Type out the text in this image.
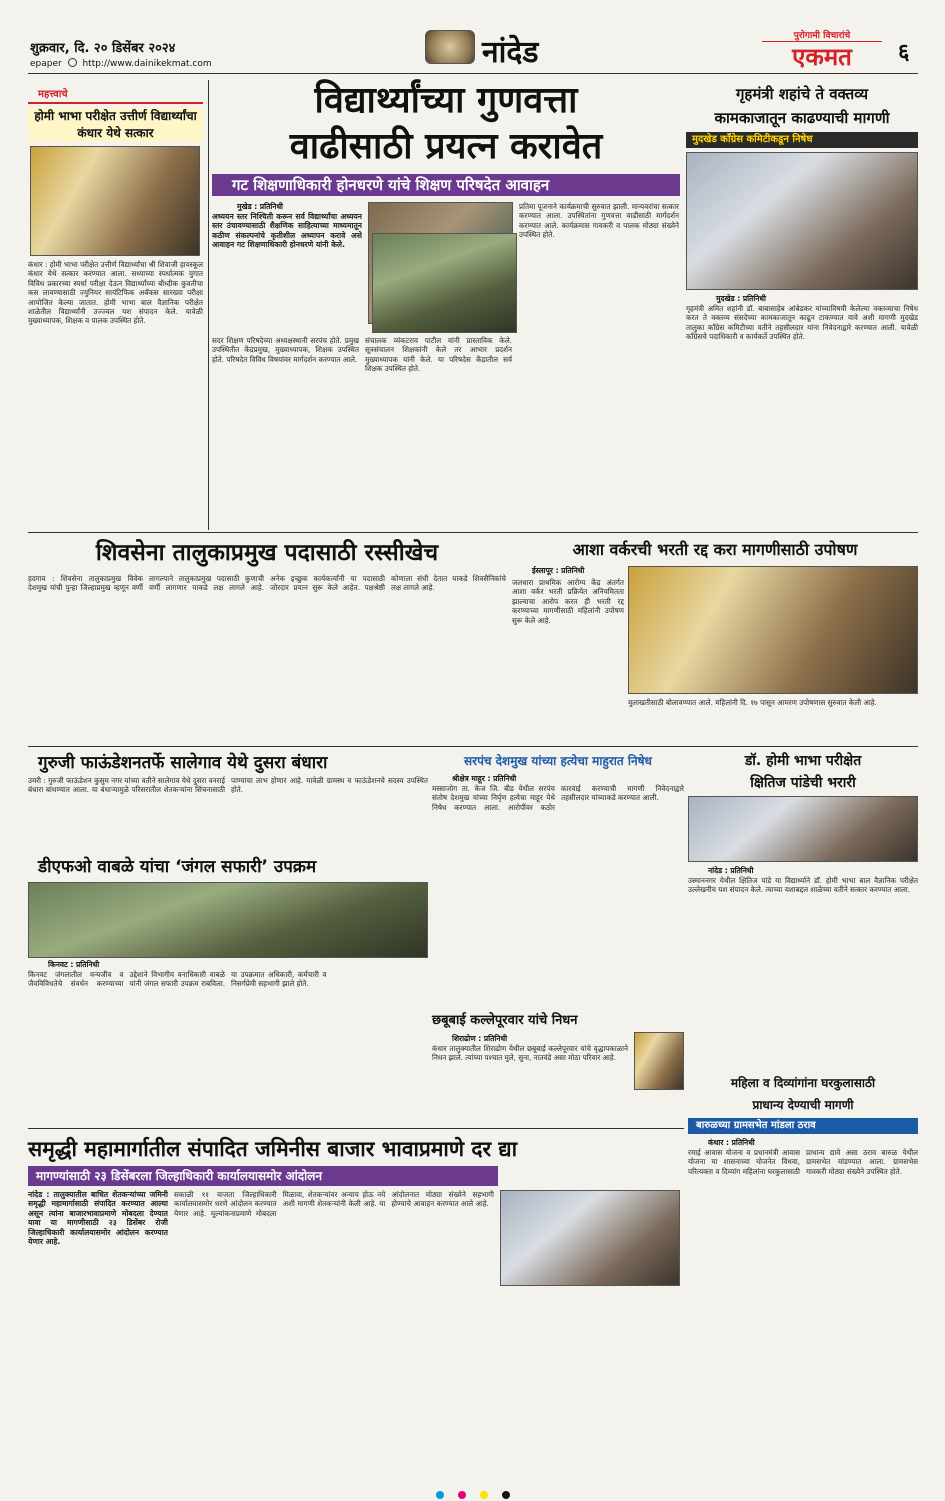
शुक्रवार, दि. २० डिसेंबर २०२४
epaper http://www.dainikekmat.com	नांदेड	पुरोगामी विचारांचे
एकमत	६
महत्त्वाचे
होमी भाभा परीक्षेत उत्तीर्ण विद्यार्थ्यांचा कंधार येथे सत्कार
कंधार : होमी भाभा परीक्षेत उत्तीर्ण विद्यार्थ्यांचा श्री शिवाजी हायस्कूल कंधार येथे सत्कार करण्यात आला. सध्याच्या स्पर्धात्मक युगात विविध प्रकारच्या स्पर्धा परीक्षा देऊन विद्यार्थ्यांच्या बौध्दीक कुवतीचा कस लावण्यासाठी ज्युनियर सायंटिफिक अबॅकस सारख्या परीक्षा आयोजित केल्या जातात. होमी भाभा बाल वैज्ञानिक परीक्षेत शाळेतील विद्यार्थ्यांनी उज्ज्वल यश संपादन केले. यावेळी मुख्याध्यापक, शिक्षक व पालक उपस्थित होते.
विद्यार्थ्यांच्या गुणवत्ता
वाढीसाठी प्रयत्न करावेत
गट शिक्षणाधिकारी होनधरणे यांचे शिक्षण परिषदेत आवाहन
मुखेड : प्रतिनिधी
अध्ययन स्तर निश्चिती करून सर्व विद्यार्थ्यांचा अध्ययन स्तर उंचावण्यासाठी शैक्षणिक साहित्याच्या माध्यमातून कठीण संकल्पनांचे कृतीशील अध्यापन करावे असे आवाहन गट शिक्षणाधिकारी होनधरणे यांनी केले.
प्रतिमा पूजनाने कार्यक्रमाची सुरुवात झाली. मान्यवरांचा सत्कार करण्यात आला. उपस्थितांना गुणवत्ता वाढीसाठी मार्गदर्शन करण्यात आले. कार्यक्रमास गावकरी व पालक मोठ्या संख्येने उपस्थित होते.
सदर शिक्षण परिषदेच्या अध्यक्षस्थानी सरपंच होते. प्रमुख उपस्थितीत केंद्रप्रमुख, मुख्याध्यापक, शिक्षक उपस्थित होते. परिषदेत विविध विषयांवर मार्गदर्शन करण्यात आले.
संचालक व्यंकटराव पाटील यांनी प्रास्ताविक केले. सूत्रसंचालन शिक्षकांनी केले तर आभार प्रदर्शन मुख्याध्यापक यांनी केले. या परिषदेस केंद्रातील सर्व शिक्षक उपस्थित होते.
गृहमंत्री शहांचे ते वक्तव्य
कामकाजातून काढण्याची मागणी
मुदखेड काँग्रेस कमिटीकडून निषेध
मुदखेड : प्रतिनिधी
गृहमंत्री अमित शहांनी डॉ. बाबासाहेब आंबेडकर यांच्याविषयी केलेल्या वक्तव्याचा निषेध करत ते वक्तव्य संसदेच्या कामकाजातून काढून टाकण्यात यावे अशी मागणी मुदखेड तालुका काँग्रेस कमिटीच्या वतीने तहसीलदार यांना निवेदनाद्वारे करण्यात आली. यावेळी काँग्रेसचे पदाधिकारी व कार्यकर्ते उपस्थित होते.
शिवसेना तालुकाप्रमुख पदासाठी रस्सीखेच
हदगाव : शिवसेना तालुकाप्रमुख विवेक देशमुख यांची पुन्हा जिल्हाप्रमुख म्हणून वर्णी लागल्याने तालुकाप्रमुख पदासाठी कुणाची वर्णी लागणार याकडे लक्ष लागले आहे. अनेक इच्छुक कार्यकर्त्यांनी या पदासाठी जोरदार प्रयत्न सुरू केले आहेत. पक्षश्रेष्ठी कोणाला संधी देतात याकडे शिवसैनिकांचे लक्ष लागले आहे.
आशा वर्करची भरती रद्द करा मागणीसाठी उपोषण
ईस्लापूर : प्रतिनिधी
जलधारा प्राथमिक आरोग्य केंद्र अंतर्गत आशा वर्कर भरती प्रक्रियेत अनियमितता झाल्याचा आरोप करत ही भरती रद्द करण्याच्या मागणीसाठी महिलांनी उपोषण सुरू केले आहे.
मुलाखतीसाठी बोलावण्यात आले. महिलांनी दि. १७ पासून आमरण उपोषणास सुरुवात केली आहे.
गुरुजी फाऊंडेशनतर्फे सालेगाव येथे दुसरा बंधारा
उमरी : गुरुजी फाऊंडेशन कुसुम नगर यांच्या वतीने सालेगाव येथे दुसरा वनराई बंधारा बांधण्यात आला. या बंधाऱ्यामुळे परिसरातील शेतकऱ्यांना सिंचनासाठी पाण्याचा लाभ होणार आहे. यावेळी ग्रामस्थ व फाऊंडेशनचे सदस्य उपस्थित होते.
सरपंच देशमुख यांच्या हत्येचा माहुरात निषेध
श्रीक्षेत्र माहूर : प्रतिनिधी
मस्साजोग ता. केज जि. बीड येथील सरपंच संतोष देशमुख यांच्या निर्घृण हत्येचा माहूर येथे निषेध करण्यात आला. आरोपींवर कठोर कारवाई करण्याची मागणी निवेदनाद्वारे तहसीलदार यांच्याकडे करण्यात आली.
डॉ. होमी भाभा परीक्षेत
क्षितिज पांडेची भरारी
नांदेड : प्रतिनिधी
उस्माननगर येथील क्षितिज पांडे या विद्यार्थ्याने डॉ. होमी भाभा बाल वैज्ञानिक परीक्षेत उल्लेखनीय यश संपादन केले. त्याच्या यशाबद्दल शाळेच्या वतीने सत्कार करण्यात आला.
डीएफओ वाबळे यांचा ‘जंगल सफारी’ उपक्रम
किनवट : प्रतिनिधी
किनवट जंगलातील वन्यजीव व जैवविविधतेचे संवर्धन करण्याच्या उद्देशाने विभागीय वनाधिकारी वाबळे यांनी जंगल सफारी उपक्रम राबविला. या उपक्रमात अधिकारी, कर्मचारी व निसर्गप्रेमी सहभागी झाले होते.
छबूबाई कल्लेपूरवार यांचे निधन
शिराढोण : प्रतिनिधी
कंधार तालुक्यातील शिराढोण येथील छबूबाई कल्लेपूरवार यांचे वृद्धापकाळाने निधन झाले. त्यांच्या पश्चात मुले, सुना, नातवंडे असा मोठा परिवार आहे.
महिला व दिव्यांगांना घरकुलासाठी
प्राधान्य देण्याची मागणी
बारुळच्या ग्रामसभेत मांडला ठराव
कंधार : प्रतिनिधी
रमाई आवास योजना व प्रधानमंत्री आवास योजना या शासनाच्या योजनेत विधवा, परित्यक्ता व दिव्यांग महिलांना घरकुलासाठी प्राधान्य द्यावे असा ठराव बारुळ येथील ग्रामसभेत मांडण्यात आला. ग्रामसभेस गावकरी मोठ्या संख्येने उपस्थित होते.
समृद्धी महामार्गातील संपादित जमिनीस बाजार भावाप्रमाणे दर द्या
मागण्यांसाठी २३ डिसेंबरला जिल्हाधिकारी कार्यालयासमोर आंदोलन
नांदेड : तालुक्यातील बाधित शेतकऱ्यांच्या जमिनी समृद्धी महामार्गासाठी संपादित करण्यात आल्या असून त्यांना बाजारभावाप्रमाणे मोबदला देण्यात यावा या मागणीसाठी २३ डिसेंबर रोजी जिल्हाधिकारी कार्यालयासमोर आंदोलन करण्यात येणार आहे.
सकाळी ११ वाजता जिल्हाधिकारी कार्यालयासमोर धरणे आंदोलन करण्यात येणार आहे. मूल्यांकनाप्रमाणे मोबदला मिळावा, शेतकऱ्यांवर अन्याय होऊ नये अशी मागणी शेतकऱ्यांनी केली आहे. या आंदोलनात मोठ्या संख्येने सहभागी होण्याचे आवाहन करण्यात आले आहे.
